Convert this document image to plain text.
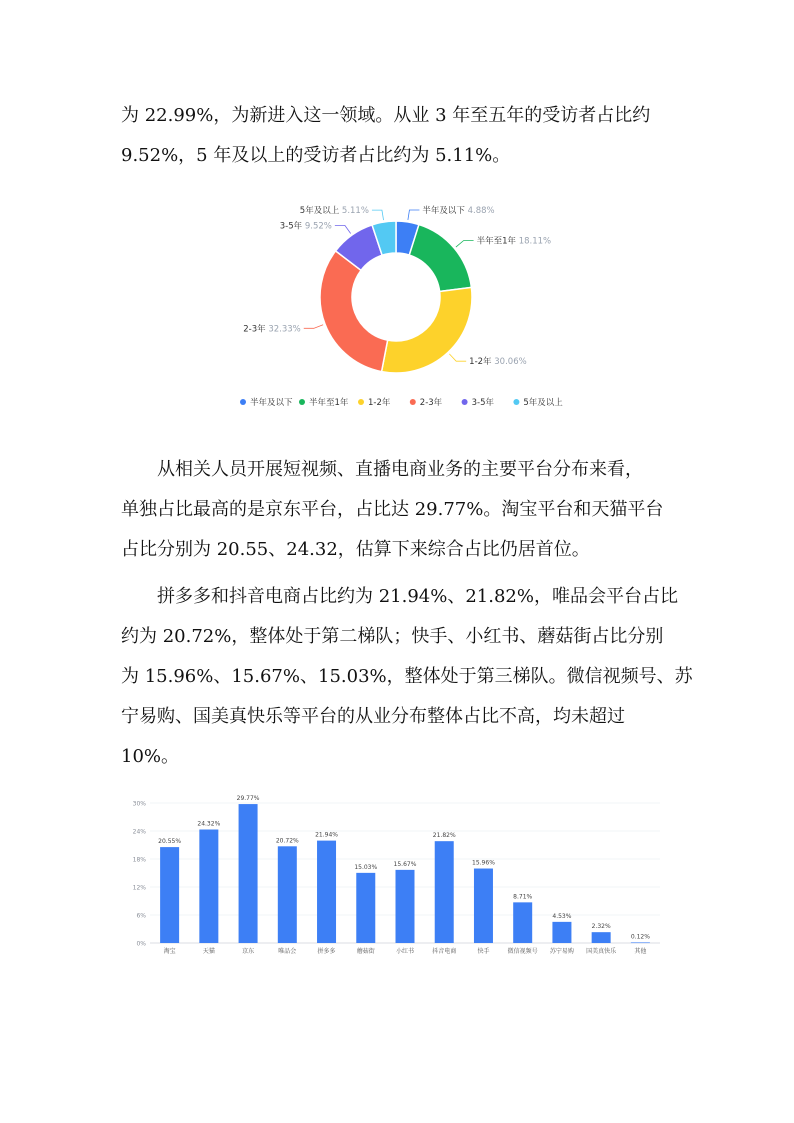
为 22.99%，为新进入这一领域。从业 3 年至五年的受访者占比约
9.52%，5 年及以上的受访者占比约为 5.11%。
半年及以下 4.88%
半年至1年 18.11%
1-2年 30.06%
2-3年 32.33%
3-5年 9.52%
5年及以上 5.11%
半年及以下 半年至1年 1-2年	2-3年	3-5年	5年及以上
从相关人员开展短视频、直播电商业务的主要平台分布来看，
单独占比最高的是京东平台，占比达 29.77%。淘宝平台和天猫平台
占比分别为 20.55、24.32，估算下来综合占比仍居首位。
拼多多和抖音电商占比约为 21.94%、21.82%，唯品会平台占比
约为 20.72%，整体处于第二梯队；快手、小红书、蘑菇街占比分别
为 15.96%、15.67%、15.03%，整体处于第三梯队。微信视频号、苏
宁易购、国美真快乐等平台的从业分布整体占比不高，均未超过
10%。
0%
6%
12%
18%
24%
30%
20.55%
淘宝
24.32%
天猫
29.77%
京东
20.72%
唯品会
21.94%
拼多多
15.03%
蘑菇街
15.67%
小红书
21.82%
抖音电商
15.96%
快手
8.71%
微信视频号
4.53%
苏宁易购
2.32%
国美真快乐
0.12%
其他
